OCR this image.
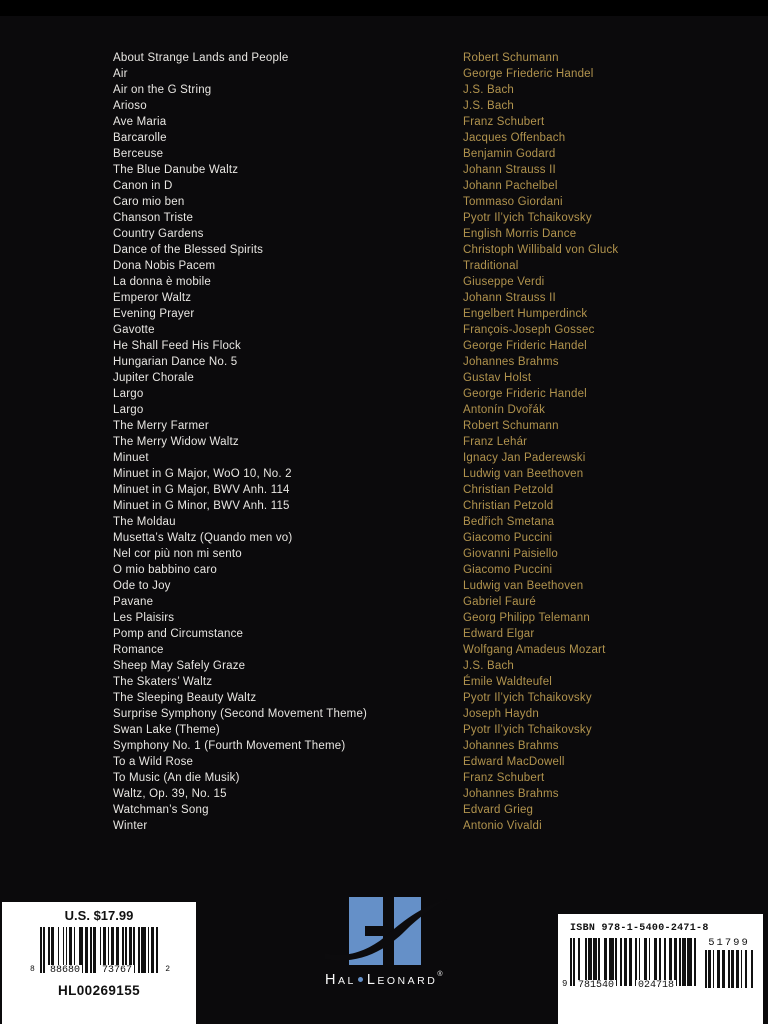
About Strange Lands and People	Robert Schumann
Air	George Friederic Handel
Air on the G String	J.S. Bach
Arioso	J.S. Bach
Ave Maria	Franz Schubert
Barcarolle	Jacques Offenbach
Berceuse	Benjamin Godard
The Blue Danube Waltz	Johann Strauss II
Canon in D	Johann Pachelbel
Caro mio ben	Tommaso Giordani
Chanson Triste	Pyotr Il’yich Tchaikovsky
Country Gardens	English Morris Dance
Dance of the Blessed Spirits	Christoph Willibald von Gluck
Dona Nobis Pacem	Traditional
La donna è mobile	Giuseppe Verdi
Emperor Waltz	Johann Strauss II
Evening Prayer	Engelbert Humperdinck
Gavotte	François-Joseph Gossec
He Shall Feed His Flock	George Frideric Handel
Hungarian Dance No. 5	Johannes Brahms
Jupiter Chorale	Gustav Holst
Largo	George Frideric Handel
Largo	Antonín Dvořák
The Merry Farmer	Robert Schumann
The Merry Widow Waltz	Franz Lehár
Minuet	Ignacy Jan Paderewski
Minuet in G Major, WoO 10, No. 2	Ludwig van Beethoven
Minuet in G Major, BWV Anh. 114	Christian Petzold
Minuet in G Minor, BWV Anh. 115	Christian Petzold
The Moldau	Bedřich Smetana
Musetta’s Waltz (Quando men vo)	Giacomo Puccini
Nel cor più non mi sento	Giovanni Paisiello
O mio babbino caro	Giacomo Puccini
Ode to Joy	Ludwig van Beethoven
Pavane	Gabriel Fauré
Les Plaisirs	Georg Philipp Telemann
Pomp and Circumstance	Edward Elgar
Romance	Wolfgang Amadeus Mozart
Sheep May Safely Graze	J.S. Bach
The Skaters’ Waltz	Émile Waldteufel
The Sleeping Beauty Waltz	Pyotr Il’yich Tchaikovsky
Surprise Symphony (Second Movement Theme)	Joseph Haydn
Swan Lake (Theme)	Pyotr Il’yich Tchaikovsky
Symphony No. 1 (Fourth Movement Theme)	Johannes Brahms
To a Wild Rose	Edward MacDowell
To Music (An die Musik)	Franz Schubert
Waltz, Op. 39, No. 15	Johannes Brahms
Watchman’s Song	Edvard Grieg
Winter	Antonio Vivaldi
U.S. $17.99
8 88680 73767	2
HL00269155
HAL LEONARD®
ISBN 978-1-5400-2471-8
9 781540 024718
51799
